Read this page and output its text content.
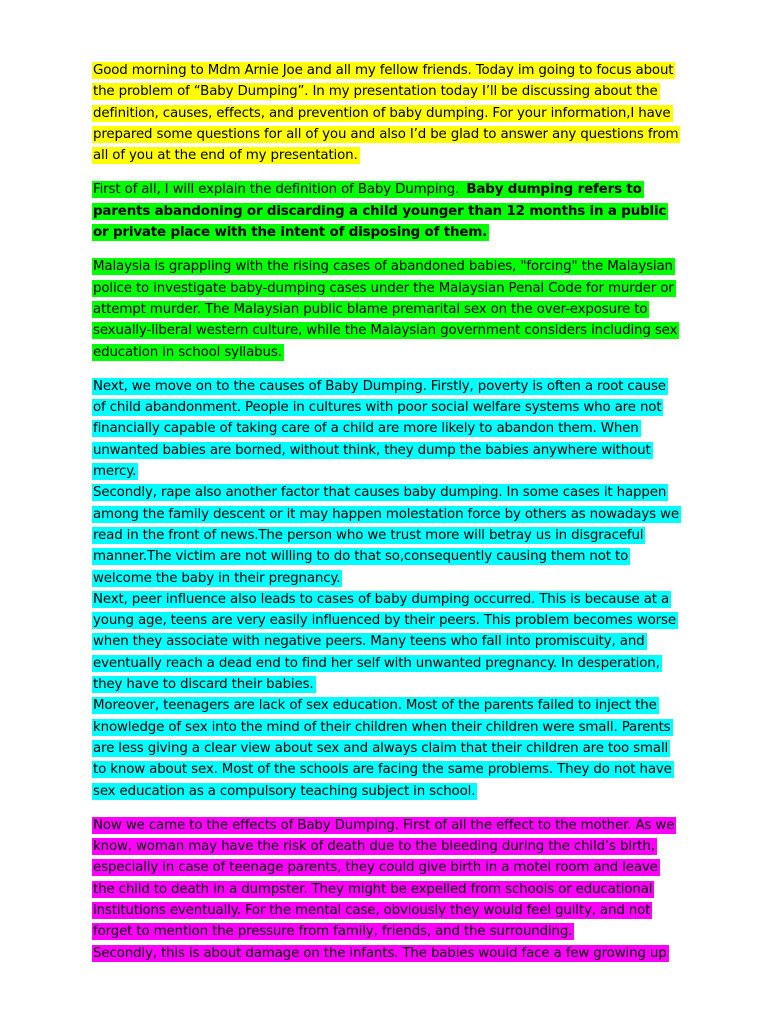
Good morning to Mdm Arnie Joe and all my fellow friends. Today im going to focus about the problem of “Baby Dumping”. In my presentation today I’ll be discussing about the definition, causes, effects, and prevention of baby dumping. For your information,I have prepared some questions for all of you and also I’d be glad to answer any questions from all of you at the end of my presentation.

First of all, I will explain the definition of Baby Dumping. Baby dumping refers to parents abandoning or discarding a child younger than 12 months in a public or private place with the intent of disposing of them.

Malaysia is grappling with the rising cases of abandoned babies, "forcing" the Malaysian police to investigate baby-dumping cases under the Malaysian Penal Code for murder or attempt murder. The Malaysian public blame premarital sex on the over-exposure to sexually-liberal western culture, while the Malaysian government considers including sex education in school syllabus.

Next, we move on to the causes of Baby Dumping. Firstly, poverty is often a root cause of child abandonment. People in cultures with poor social welfare systems who are not financially capable of taking care of a child are more likely to abandon them. When unwanted babies are borned, without think, they dump the babies anywhere without mercy.

Secondly, rape also another factor that causes baby dumping. In some cases it happen among the family descent or it may happen molestation force by others as nowadays we read in the front of news.The person who we trust more will betray us in disgraceful manner.The victim are not willing to do that so,consequently causing them not to welcome the baby in their pregnancy.

Next, peer influence also leads to cases of baby dumping occurred. This is because at a young age, teens are very easily influenced by their peers. This problem becomes worse when they associate with negative peers. Many teens who fall into promiscuity, and eventually reach a dead end to find her self with unwanted pregnancy. In desperation, they have to discard their babies.

Moreover, teenagers are lack of sex education. Most of the parents failed to inject the knowledge of sex into the mind of their children when their children were small. Parents are less giving a clear view about sex and always claim that their children are too small to know about sex. Most of the schools are facing the same problems. They do not have sex education as a compulsory teaching subject in school.

Now we came to the effects of Baby Dumping. First of all the effect to the mother. As we know, woman may have the risk of death due to the bleeding during the child’s birth, especially in case of teenage parents, they could give birth in a motel room and leave the child to death in a dumpster. They might be expelled from schools or educational institutions eventually. For the mental case, obviously they would feel guilty, and not forget to mention the pressure from family, friends, and the surrounding.

Secondly, this is about damage on the infants. The babies would face a few growing up
